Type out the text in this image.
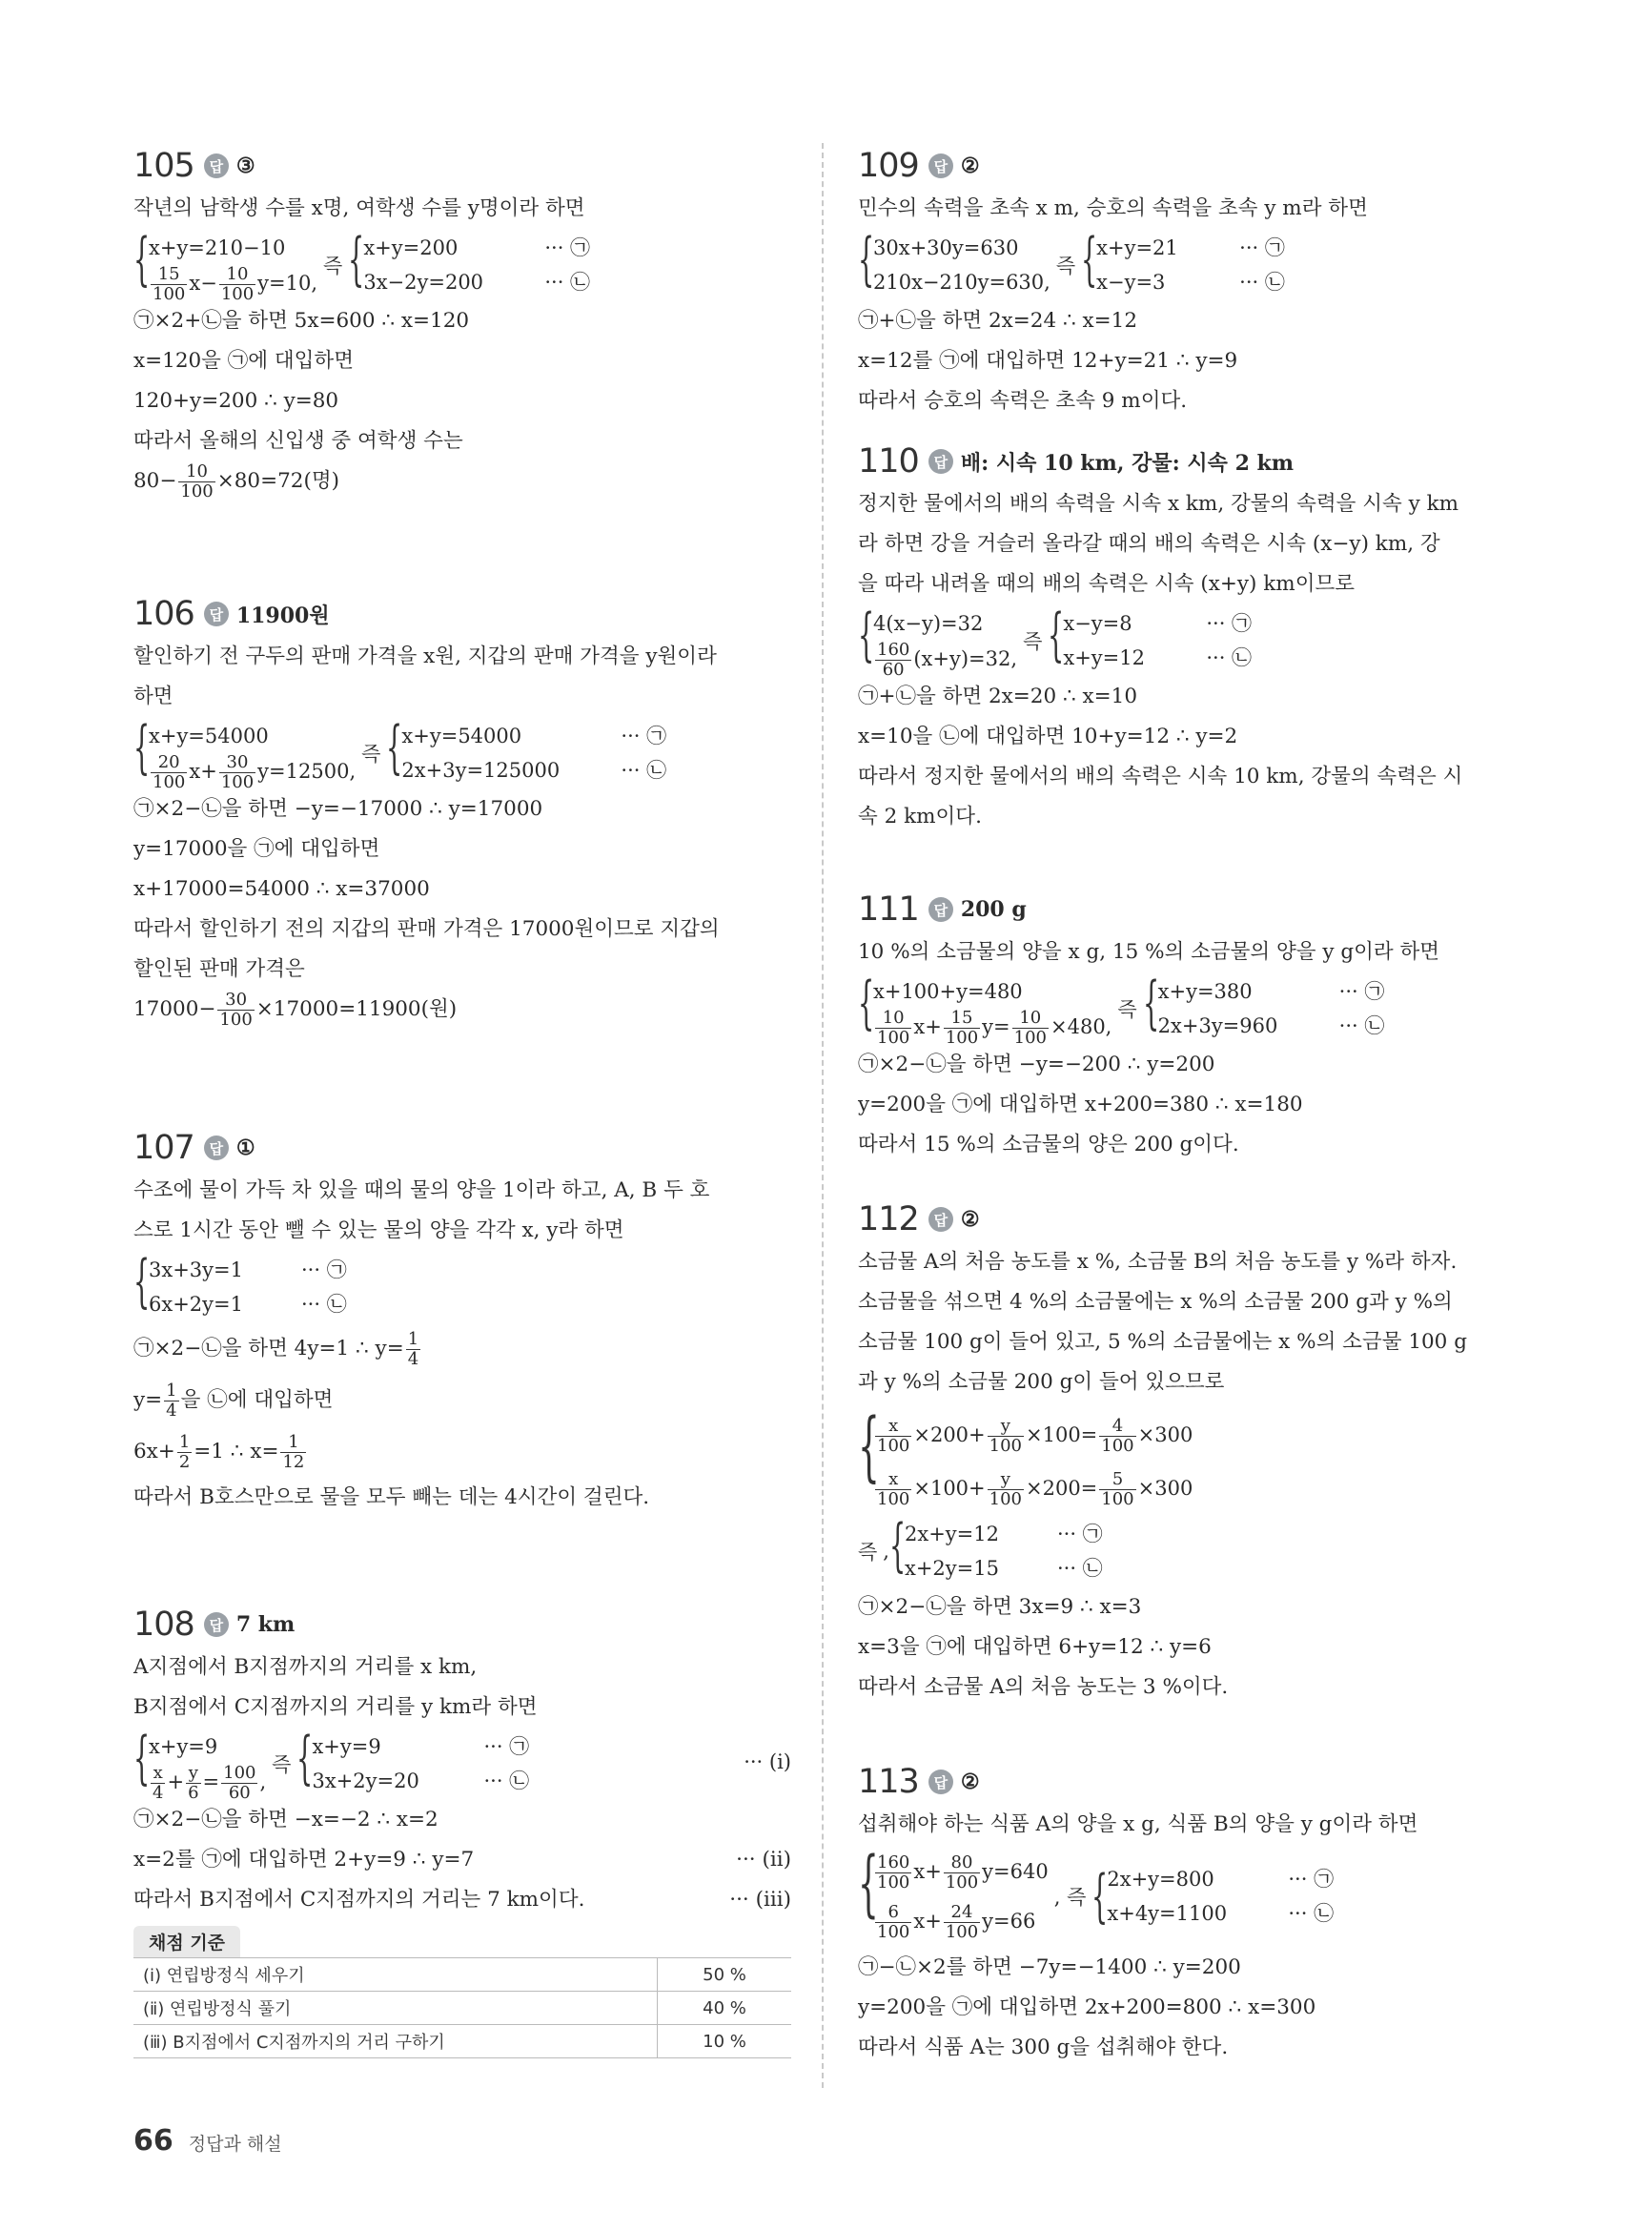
105	답 ③
작년의 남학생 수를 x명, 여학생 수를 y명이라 하면
{
x+y=210−10
$\frac{15}{100} x- \frac{10}{100} y=10$,
즉 {
x+y=200	··· ㉠
3x−2y=200	··· ㉡
㉠×2+㉡을 하면 5x=600 ∴ x=120
x=120을 ㉠에 대입하면
120+y=200 ∴ y=80
따라서 올해의 신입생 중 여학생 수는
$80- \frac{10}{100} \times 80=72$(명)
106	답 11900원
할인하기 전 구두의 판매 가격을 x원, 지갑의 판매 가격을 y원이라
하면
{
x+y=54000
$\frac{20}{100} x+ \frac{30}{100} y=12500$,
즉 {
x+y=54000	··· ㉠
2x+3y=125000	··· ㉡
㉠×2−㉡을 하면 −y=−17000 ∴ y=17000
y=17000을 ㉠에 대입하면
x+17000=54000 ∴ x=37000
따라서 할인하기 전의 지갑의 판매 가격은 17000원이므로 지갑의
할인된 판매 가격은
$17000- \frac{30}{100} \times 17000=11900$(원)
107	답 ①
수조에 물이 가득 차 있을 때의 물의 양을 1이라 하고, A, B 두 호
스로 1시간 동안 뺄 수 있는 물의 양을 각각 x, y라 하면
{
3x+3y=1	··· ㉠
6x+2y=1	··· ㉡
㉠×2−㉡을 하면 4y=1 ∴ $y= \frac{1}{4}$
$y= \frac{1}{4}$ 을 ㉡에 대입하면
$6x+ \frac{1}{2} =1$ ∴ $x= \frac{1}{12}$
따라서 B호스만으로 물을 모두 빼는 데는 4시간이 걸린다.
108	답 7 km
A지점에서 B지점까지의 거리를 x km,
B지점에서 C지점까지의 거리를 y km라 하면
{
x+y=9
$\frac{x}{4} + \frac{y}{6} = \frac{100}{60}$ ,
즉 {
x+y=9	··· ㉠
3x+2y=20	··· ㉡
··· (ⅰ)
㉠×2−㉡을 하면 −x=−2 ∴ x=2
x=2를 ㉠에 대입하면 2+y=9 ∴ y=7	··· (ⅱ)
따라서 B지점에서 C지점까지의 거리는 7 km이다.	··· (ⅲ)
채점 기준
(ⅰ) 연립방정식 세우기	50 %
(ⅱ) 연립방정식 풀기	40 %
(ⅲ) B지점에서 C지점까지의 거리 구하기	10 %
109	답 ②
민수의 속력을 초속 x m, 승호의 속력을 초속 y m라 하면
{
30x+30y=630
210x−210y=630,
즉 {
x+y=21	··· ㉠
x−y=3	··· ㉡
㉠+㉡을 하면 2x=24 ∴ x=12
x=12를 ㉠에 대입하면 12+y=21 ∴ y=9
따라서 승호의 속력은 초속 9 m이다.
110	답 배: 시속 10 km, 강물: 시속 2 km
정지한 물에서의 배의 속력을 시속 x km, 강물의 속력을 시속 y km
라 하면 강을 거슬러 올라갈 때의 배의 속력은 시속 (x−y) km, 강
을 따라 내려올 때의 배의 속력은 시속 (x+y) km이므로
{
4(x−y)=32
$\frac{160}{60} (x+y)=32$,
즉 {
x−y=8	··· ㉠
x+y=12	··· ㉡
㉠+㉡을 하면 2x=20 ∴ x=10
x=10을 ㉡에 대입하면 10+y=12 ∴ y=2
따라서 정지한 물에서의 배의 속력은 시속 10 km, 강물의 속력은 시
속 2 km이다.
111	답 200 g
10 %의 소금물의 양을 x g, 15 %의 소금물의 양을 y g이라 하면
{
x+100+y=480
$\frac{10}{100} x+ \frac{15}{100} y= \frac{10}{100} \times 480$,
즉 {
x+y=380	··· ㉠
2x+3y=960	··· ㉡
㉠×2−㉡을 하면 −y=−200 ∴ y=200
y=200을 ㉠에 대입하면 x+200=380 ∴ x=180
따라서 15 %의 소금물의 양은 200 g이다.
112	답 ②
소금물 A의 처음 농도를 x %, 소금물 B의 처음 농도를 y %라 하자.
소금물을 섞으면 4 %의 소금물에는 x %의 소금물 200 g과 y %의
소금물 100 g이 들어 있고, 5 %의 소금물에는 x %의 소금물 100 g
과 y %의 소금물 200 g이 들어 있으므로
{
$\frac{x}{100} \times 200+ \frac{y}{100} \times 100= \frac{4}{100} \times 300$
$\frac{x}{100} \times 100+ \frac{y}{100} \times 200= \frac{5}{100} \times 300$
즉 , {
2x+y=12	··· ㉠
x+2y=15	··· ㉡
㉠×2−㉡을 하면 3x=9 ∴ x=3
x=3을 ㉠에 대입하면 6+y=12 ∴ y=6
따라서 소금물 A의 처음 농도는 3 %이다.
113	답 ②
섭취해야 하는 식품 A의 양을 x g, 식품 B의 양을 y g이라 하면
{
$\frac{160}{100} x+ \frac{80}{100} y=640$
$\frac{6}{100} x+ \frac{24}{100} y=66$
, 즉 {
2x+y=800	··· ㉠
x+4y=1100	··· ㉡
㉠−㉡×2를 하면 −7y=−1400 ∴ y=200
y=200을 ㉠에 대입하면 2x+200=800 ∴ x=300
따라서 식품 A는 300 g을 섭취해야 한다.
66 정답과 해설
